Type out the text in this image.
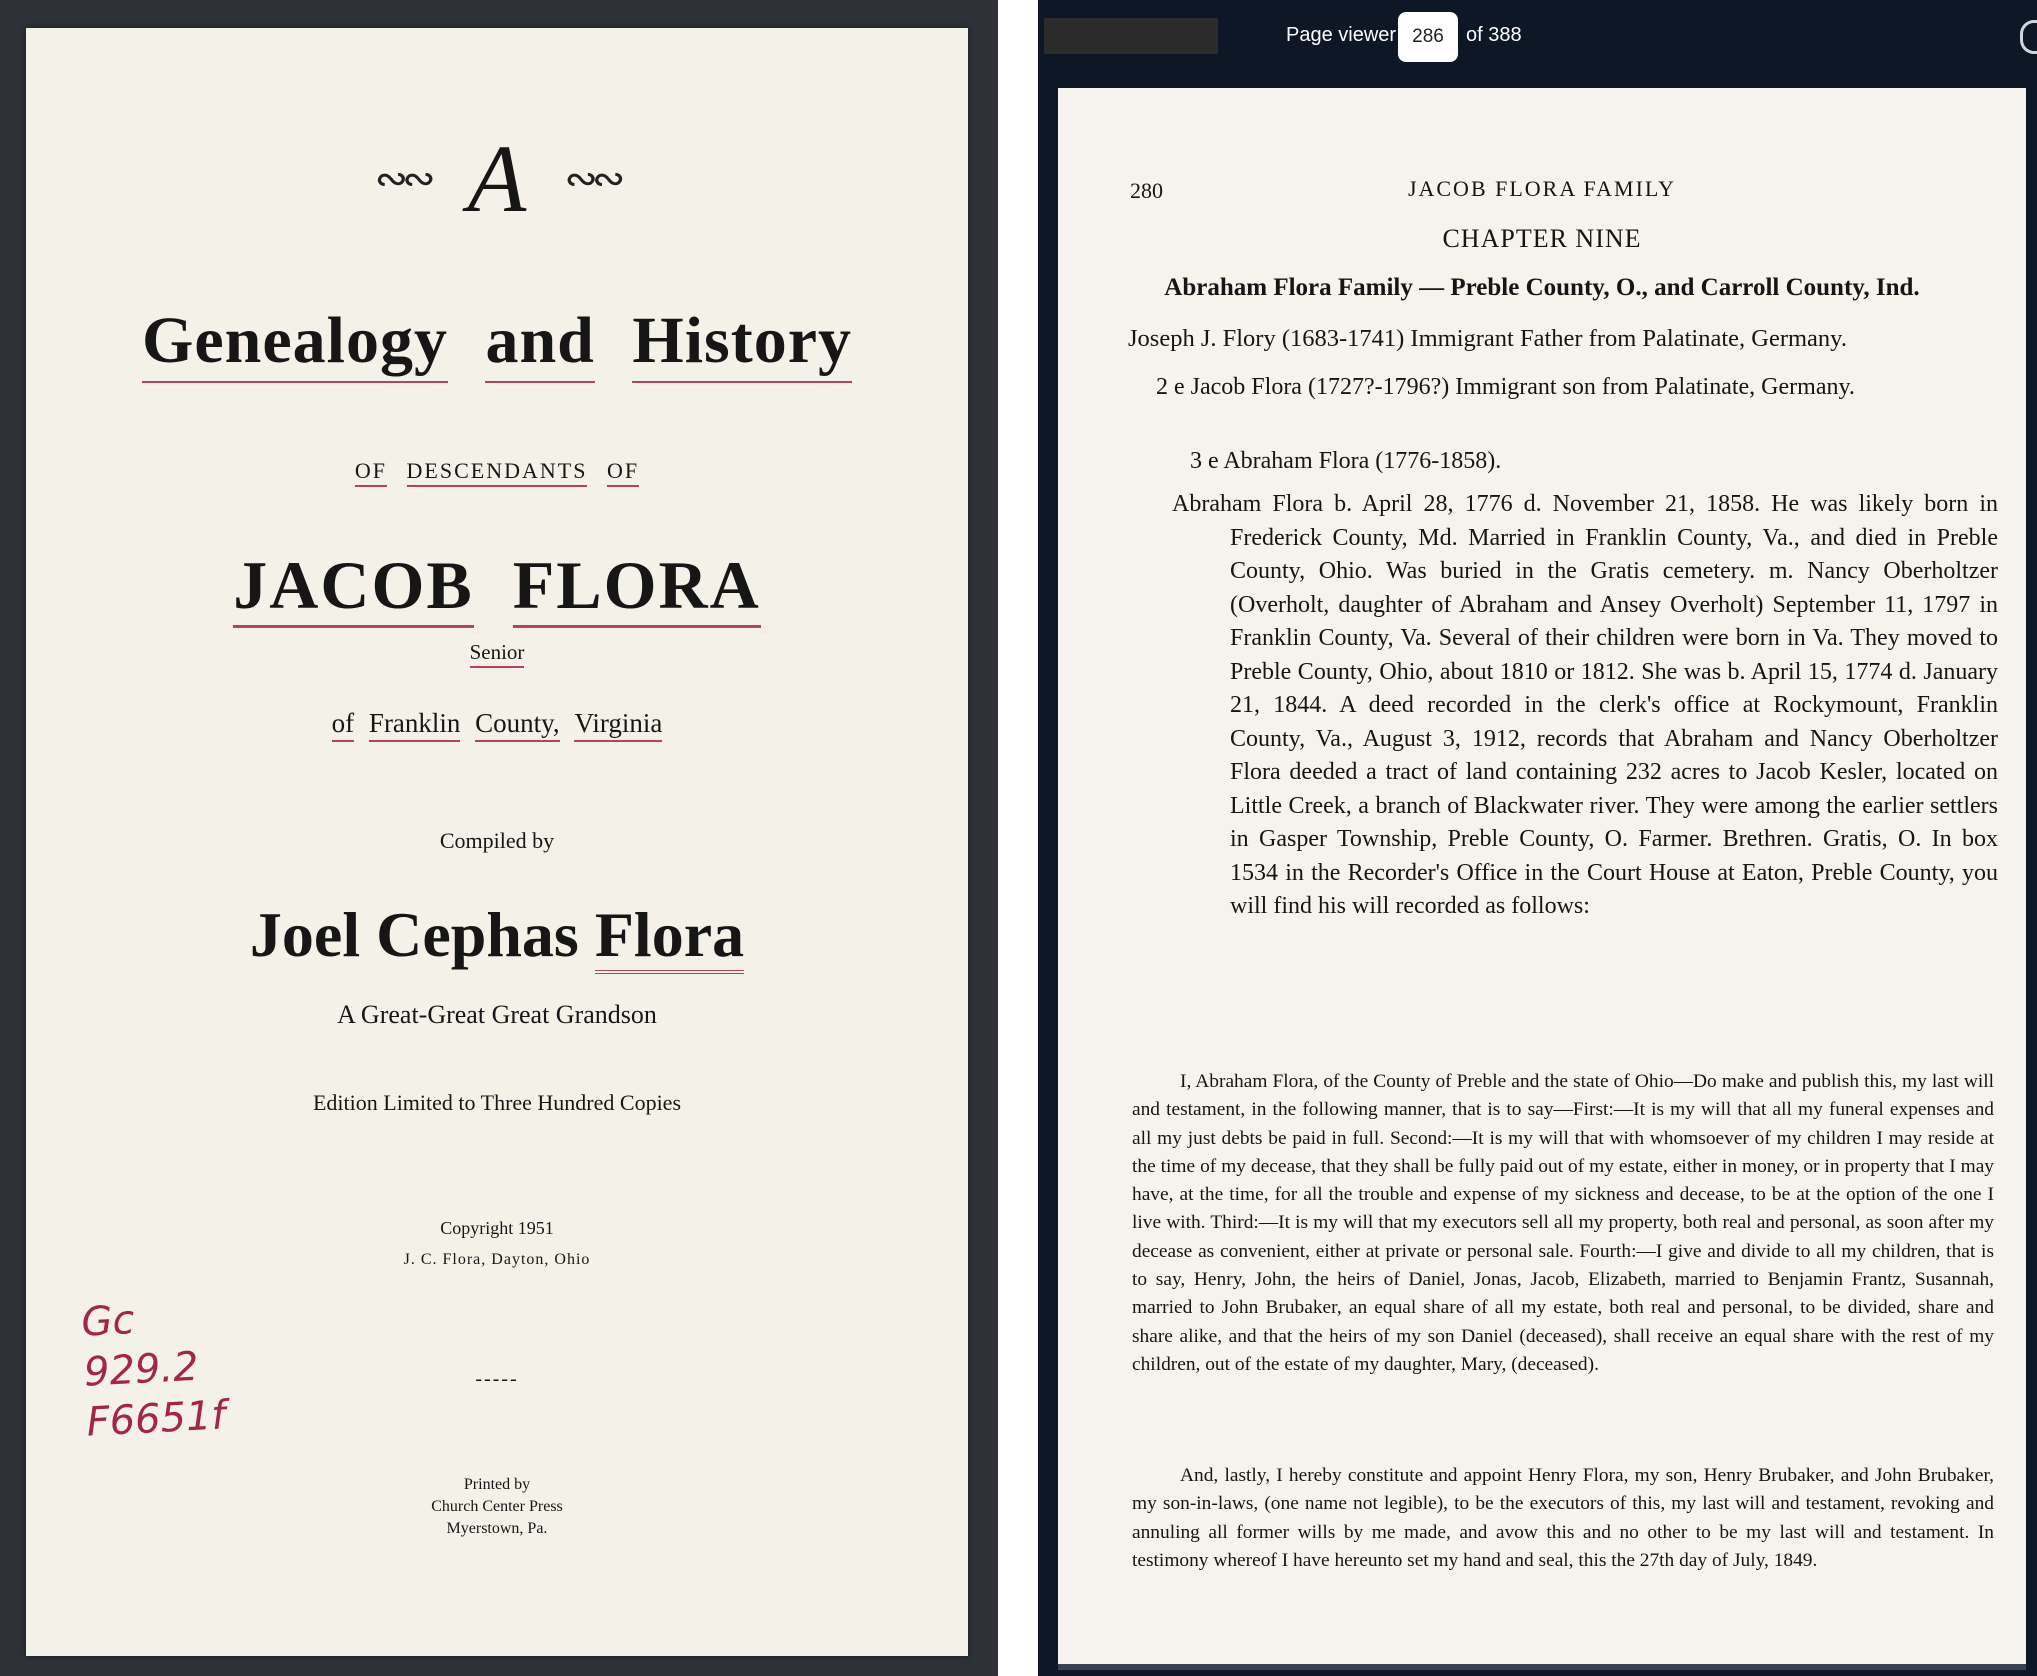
∾∾ A ∾∾

Genealogy and History

OF DESCENDANTS OF

JACOB FLORA

Senior

of Franklin County, Virginia

Compiled by

Joel Cephas Flora

A Great-Great Great Grandson

Edition Limited to Three Hundred Copies

Copyright 1951

J. C. Flora, Dayton, Ohio

-----

Printed by
Church Center Press
Myerstown, Pa.
Gc
929.2
F6651f
Page viewer
286	of 388

280	JACOB FLORA FAMILY

CHAPTER NINE

Abraham Flora Family — Preble County, O., and Carroll County, Ind.

Joseph J. Flory (1683-1741) Immigrant Father from Palatinate, Germany.

2 e Jacob Flora (1727?-1796?) Immigrant son from Palatinate, Germany.

3 e Abraham Flora (1776-1858).

Abraham Flora b. April 28, 1776 d. November 21, 1858. He was likely born in Frederick County, Md. Married in Franklin County, Va., and died in Preble County, Ohio. Was buried in the Gratis cemetery. m. Nancy Oberholtzer (Overholt, daughter of Abraham and Ansey Overholt) September 11, 1797 in Franklin County, Va. Several of their children were born in Va. They moved to Preble County, Ohio, about 1810 or 1812. She was b. April 15, 1774 d. January 21, 1844. A deed recorded in the clerk's office at Rockymount, Franklin County, Va., August 3, 1912, records that Abraham and Nancy Oberholtzer Flora deeded a tract of land containing 232 acres to Jacob Kesler, located on Little Creek, a branch of Blackwater river. They were among the earlier settlers in Gasper Township, Preble County, O. Farmer. Brethren. Gratis, O. In box 1534 in the Recorder's Office in the Court House at Eaton, Preble County, you will find his will recorded as follows:

I, Abraham Flora, of the County of Preble and the state of Ohio—Do make and publish this, my last will and testament, in the following manner, that is to say—First:—It is my will that all my funeral expenses and all my just debts be paid in full. Second:—It is my will that with whomsoever of my children I may reside at the time of my decease, that they shall be fully paid out of my estate, either in money, or in property that I may have, at the time, for all the trouble and expense of my sickness and decease, to be at the option of the one I live with. Third:—It is my will that my executors sell all my property, both real and personal, as soon after my decease as convenient, either at private or personal sale. Fourth:—I give and divide to all my children, that is to say, Henry, John, the heirs of Daniel, Jonas, Jacob, Elizabeth, married to Benjamin Frantz, Susannah, married to John Brubaker, an equal share of all my estate, both real and personal, to be divided, share and share alike, and that the heirs of my son Daniel (deceased), shall receive an equal share with the rest of my children, out of the estate of my daughter, Mary, (deceased).

And, lastly, I hereby constitute and appoint Henry Flora, my son, Henry Brubaker, and John Brubaker, my son-in-laws, (one name not legible), to be the executors of this, my last will and testament, revoking and annuling all former wills by me made, and avow this and no other to be my last will and testament. In testimony whereof I have hereunto set my hand and seal, this the 27th day of July, 1849.
